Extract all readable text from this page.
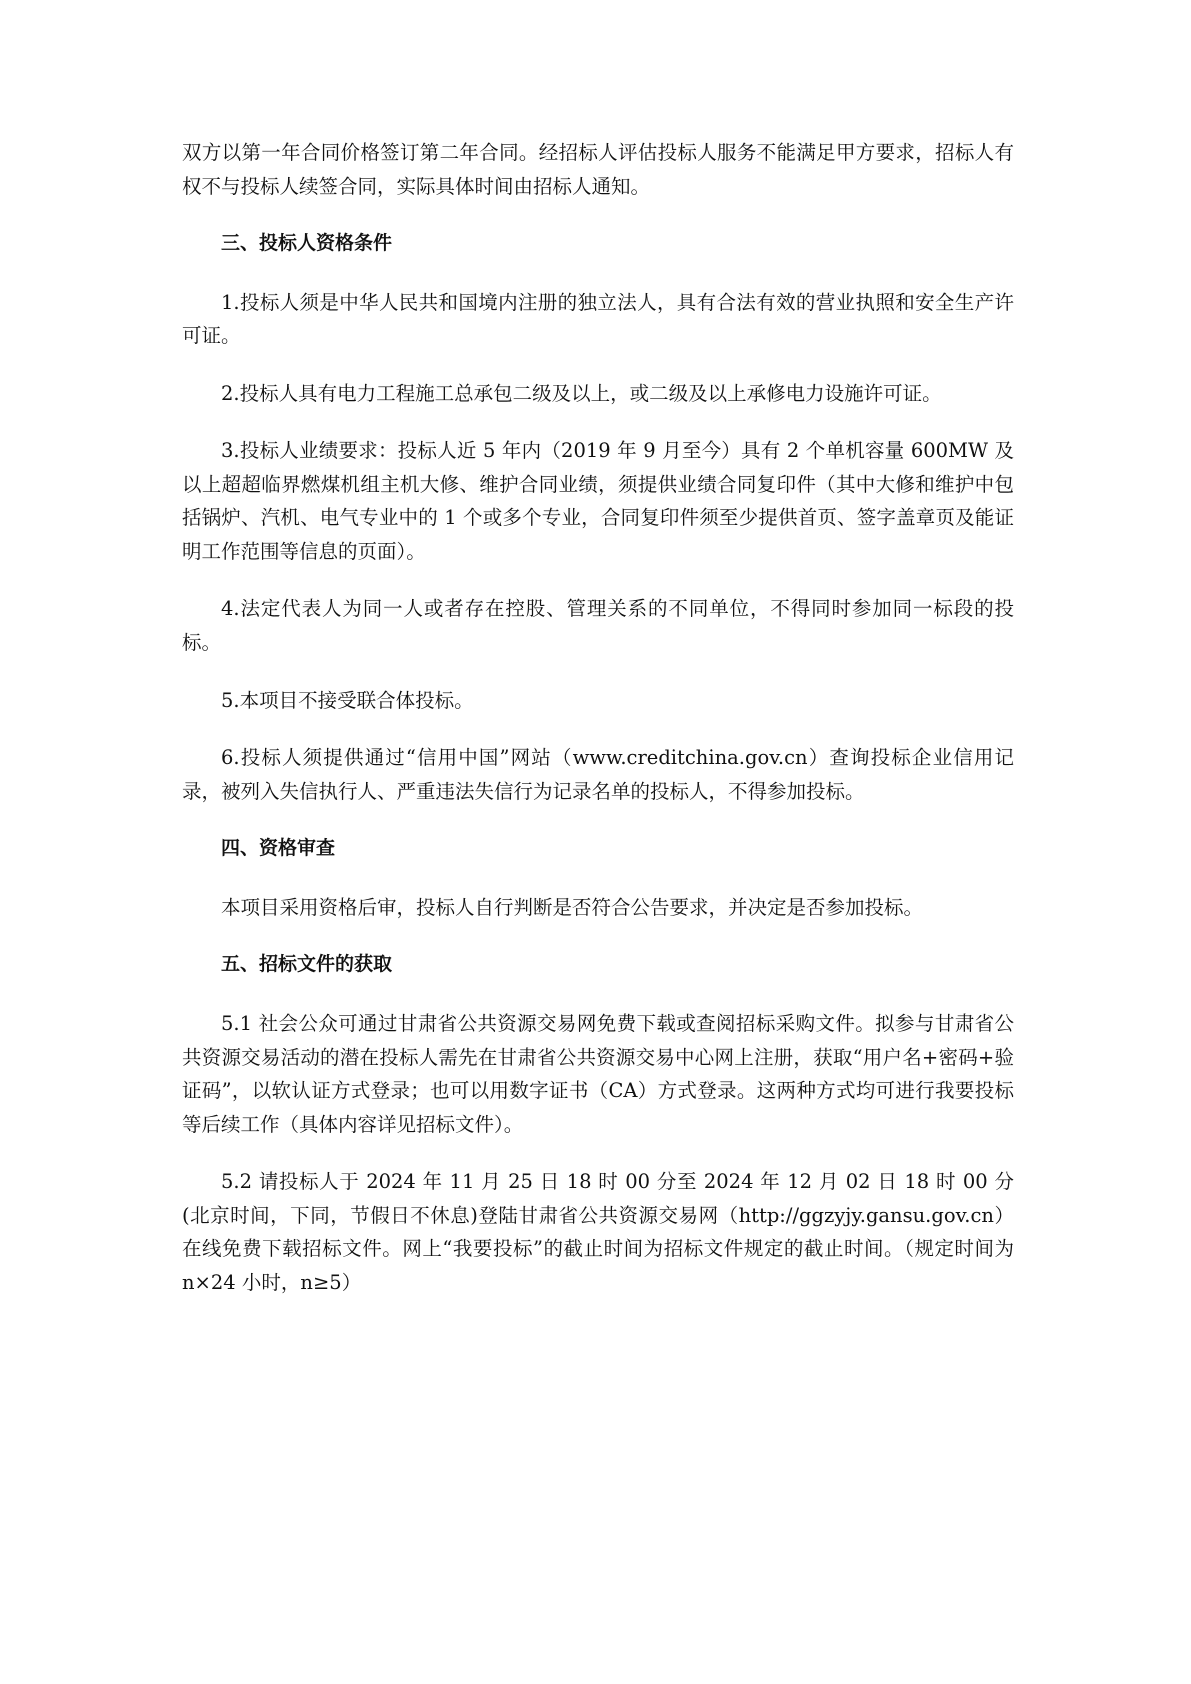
双方以第一年合同价格签订第二年合同。经招标人评估投标人服务不能满足甲方要求，招标人有权不与投标人续签合同，实际具体时间由招标人通知。

三、投标人资格条件

1.投标人须是中华人民共和国境内注册的独立法人，具有合法有效的营业执照和安全生产许可证。

2.投标人具有电力工程施工总承包二级及以上，或二级及以上承修电力设施许可证。

3.投标人业绩要求：投标人近 5 年内（2019 年 9 月至今）具有 2 个单机容量 600MW 及以上超超临界燃煤机组主机大修、维护合同业绩，须提供业绩合同复印件（其中大修和维护中包括锅炉、汽机、电气专业中的 1 个或多个专业，合同复印件须至少提供首页、签字盖章页及能证明工作范围等信息的页面）。

4.法定代表人为同一人或者存在控股、管理关系的不同单位，不得同时参加同一标段的投标。

5.本项目不接受联合体投标。

6.投标人须提供通过“信用中国”网站（www.creditchina.gov.cn）查询投标企业信用记录，被列入失信执行人、严重违法失信行为记录名单的投标人，不得参加投标。

四、资格审查

本项目采用资格后审，投标人自行判断是否符合公告要求，并决定是否参加投标。

五、招标文件的获取

5.1 社会公众可通过甘肃省公共资源交易网免费下载或查阅招标采购文件。拟参与甘肃省公共资源交易活动的潜在投标人需先在甘肃省公共资源交易中心网上注册，获取“用户名+密码+验证码”，以软认证方式登录；也可以用数字证书（CA）方式登录。这两种方式均可进行我要投标等后续工作（具体内容详见招标文件）。

5.2 请投标人于 2024 年 11 月 25 日 18 时 00 分至 2024 年 12 月 02 日 18 时 00 分(北京时间，下同，节假日不休息)登陆甘肃省公共资源交易网（http://ggzyjy.gansu.gov.cn）在线免费下载招标文件。网上“我要投标”的截止时间为招标文件规定的截止时间。（规定时间为 n×24 小时，n≥5）
